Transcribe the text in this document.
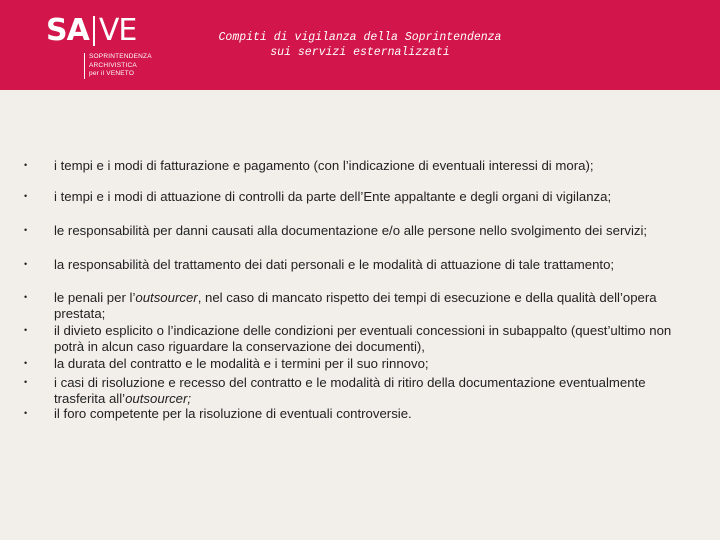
SA VE
SOPRINTENDENZA
ARCHIVISTICA
per il VENETO
Compiti di vigilanza della Soprintendenza
sui servizi esternalizzati
• i tempi e i modi di fatturazione e pagamento (con l’indicazione di eventuali interessi di mora);
• i tempi e i modi di attuazione di controlli da parte dell’Ente appaltante e degli organi di vigilanza;
• le responsabilità per danni causati alla documentazione e/o alle persone nello svolgimento dei servizi;
• la responsabilità del trattamento dei dati personali e le modalità di attuazione di tale trattamento;
• le penali per l’outsourcer, nel caso di mancato rispetto dei tempi di esecuzione e della qualità dell’opera prestata;
• il divieto esplicito o l’indicazione delle condizioni per eventuali concessioni in subappalto (quest’ultimo non potrà in alcun caso riguardare la conservazione dei documenti),
• la durata del contratto e le modalità e i termini per il suo rinnovo;
• i casi di risoluzione e recesso del contratto e le modalità di ritiro della documentazione eventualmente trasferita all’outsourcer;
• il foro competente per la risoluzione di eventuali controversie.
